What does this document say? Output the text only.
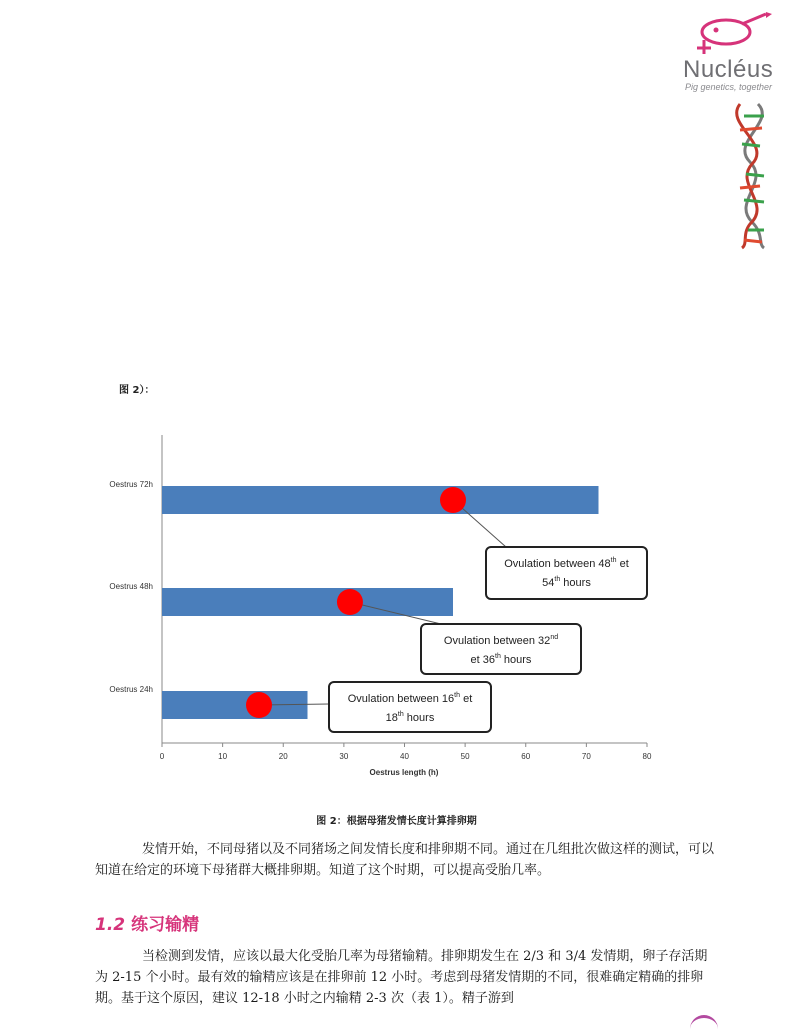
Nucléus
Pig genetics, together
图 2）：
Oestrus 72h
Oestrus 48h
Oestrus 24h
0	10	20	30	40	50	60	70	80
Ovulation between 48th et
54th hours
Ovulation between 32nd
et 36th hours
Ovulation between 16th et
18th hours
Oestrus length (h)
图 2：根据母猪发情长度计算排卵期
发情开始，不同母猪以及不同猪场之间发情长度和排卵期不同。通过在几组批次做这样的测试，可以知道在给定的环境下母猪群大概排卵期。知道了这个时期，可以提高受胎几率。
1.2 练习输精
当检测到发情，应该以最大化受胎几率为母猪输精。排卵期发生在 2/3 和 3/4 发情期，卵子存活期为 2-15 个小时。最有效的输精应该是在排卵前 12 小时。考虑到母猪发情期的不同，很难确定精确的排卵期。基于这个原因，建议 12-18 小时之内输精 2-3 次（表 1）。精子游到
